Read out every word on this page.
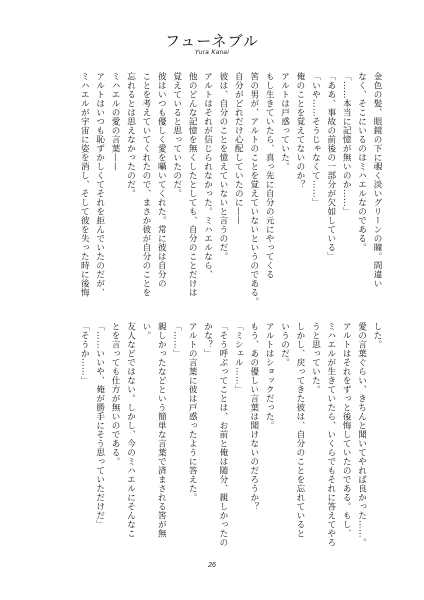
フューネブル
Yura Kanai
金色の髪、眼鏡の下に覗く淡いグリーンの瞳。間違い
なく、そこにいるのはミハエルなのである。
「……本当に記憶が無いのか……」
「ああ、事故の前後の一部分が欠如している」
「いや……そうじゃなくて……」
俺のことを覚えてないのか？
アルトは戸惑っていた。
もし生きていたら、真っ先に自分の元にやってくる
筈の男が、アルトのことを覚えていないというのである。
自分がどれだけ心配していたのに——
彼は、自分のことを憶えていないと言うのだ。
アルトはそれが信じられなかった。ミハエルなら、
他のどんな記憶を無くしたとしても、自分のことだけは
覚えていると思っていたのだ。
彼はいつも優しく愛を囁いてくれた。常に彼は自分の
ことを考えていてくれたので、まさか彼が自分のことを
忘れるとは思えなかったのだ。
ミハエルの愛の言葉——
アルトはいつも恥ずかしくてそれを拒んでいたのだが、
ミハエルが宇宙に姿を消し、そして彼を失った時に後悔
した。
愛の言葉ぐらい、きちんと聞いてやれば良かった……。
アルトはそれをずっと後悔していたのである。もし、
ミハエルが生きていたら、いくらでもそれに答えてやろ
うと思っていた。
しかし、戻ってきた彼は、自分のことを忘れていると
いうのだ。
アルトはショックだった。
もう、あの優しい言葉は聞けないのだろうか？
「ミシェル……」
「そう呼ぶってことは、お前と俺は随分、親しかったの
かな？」
アルトの言葉に彼は戸惑ったように答えた。
「……」
親しかったなどという簡単な言葉で済まされる筈が無
い。
友人などではない。しかし、今のミハエルにそんなこ
とを言っても仕方が無いのである。
「……いいや、俺が勝手にそう思っていただけだ」
「そうか……」
26
